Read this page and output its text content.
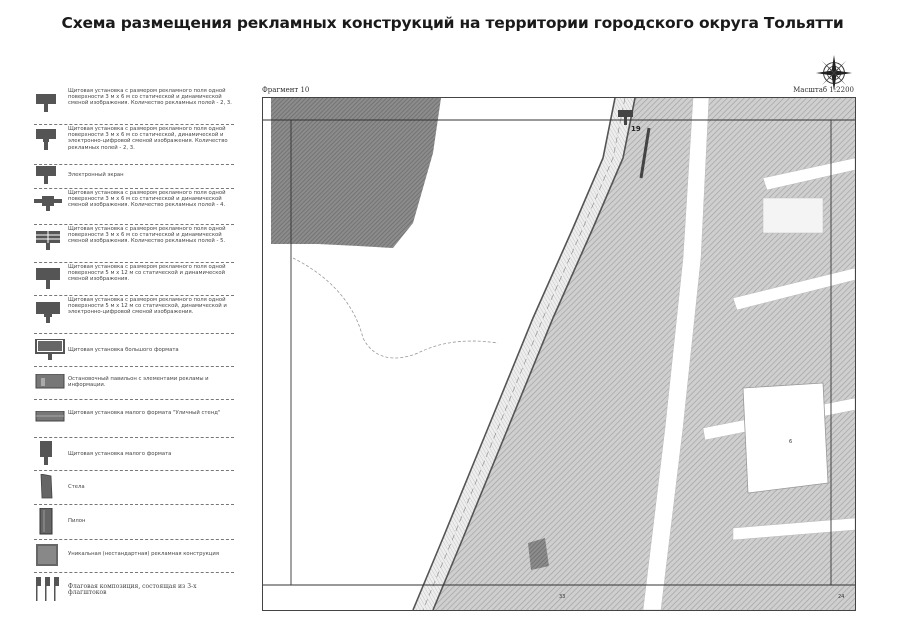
Схема размещения рекламных конструкций на территории городского округа Тольятти
Щитовая установка с размером рекламного поля одной поверхности 3 м х 6 м со статической и динамической сменой изображения. Количество рекламных полей - 2, 3.
Щитовая установка с размером рекламного поля одной поверхности 3 м х 6 м со статической, динамической и электронно-цифровой сменой изображения. Количество рекламных полей - 2, 3.
Электронный экран
Щитовая установка с размером рекламного поля одной поверхности 3 м х 6 м со статической и динамической сменой изображения. Количество рекламных полей - 4.
Щитовая установка с размером рекламного поля одной поверхности 3 м х 6 м со статической и динамической сменой изображения. Количество рекламных полей - 5.
Щитовая установка с размером рекламного поля одной поверхности 5 м х 12 м со статической и динамической сменой изображения.
Щитовая установка с размером рекламного поля одной поверхности 5 м х 12 м со статической, динамической и электронно-цифровой сменой изображения.
Щитовая установка большого формата
Остановочный павильон с элементами рекламы и информации.
Щитовая установка малого формата "Уличный стенд"
Щитовая установка малого формата
Стела
Пилон
Уникальная (нестандартная) рекламная конструкция
Флаговая композиция, состоящая из 3-х флагштоков
Фрагмент 10	Масштаб 1:2200
19
6
33	24
